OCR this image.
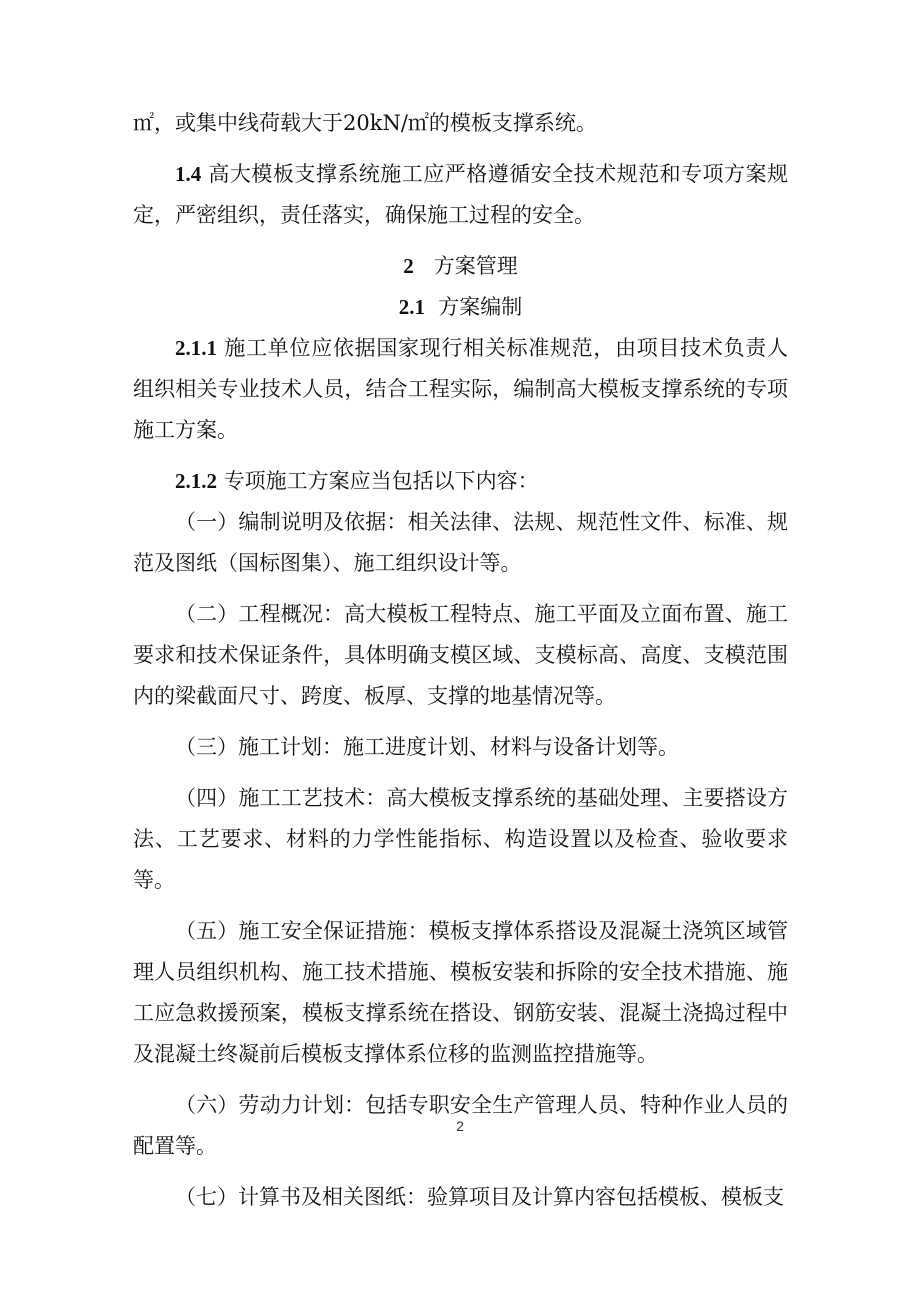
㎡，或集中线荷载大于20kN/㎡的模板支撑系统。

1.4 高大模板支撑系统施工应严格遵循安全技术规范和专项方案规定，严密组织，责任落实，确保施工过程的安全。

2 方案管理

2.1 方案编制

2.1.1 施工单位应依据国家现行相关标准规范，由项目技术负责人组织相关专业技术人员，结合工程实际，编制高大模板支撑系统的专项施工方案。

2.1.2 专项施工方案应当包括以下内容：

（一）编制说明及依据：相关法律、法规、规范性文件、标准、规范及图纸（国标图集）、施工组织设计等。

（二）工程概况：高大模板工程特点、施工平面及立面布置、施工要求和技术保证条件，具体明确支模区域、支模标高、高度、支模范围内的梁截面尺寸、跨度、板厚、支撑的地基情况等。

（三）施工计划：施工进度计划、材料与设备计划等。

（四）施工工艺技术：高大模板支撑系统的基础处理、主要搭设方法、工艺要求、材料的力学性能指标、构造设置以及检查、验收要求等。

（五）施工安全保证措施：模板支撑体系搭设及混凝土浇筑区域管理人员组织机构、施工技术措施、模板安装和拆除的安全技术措施、施工应急救援预案，模板支撑系统在搭设、钢筋安装、混凝土浇捣过程中及混凝土终凝前后模板支撑体系位移的监测监控措施等。

（六）劳动力计划：包括专职安全生产管理人员、特种作业人员的配置等。

（七）计算书及相关图纸：验算项目及计算内容包括模板、模板支

2
